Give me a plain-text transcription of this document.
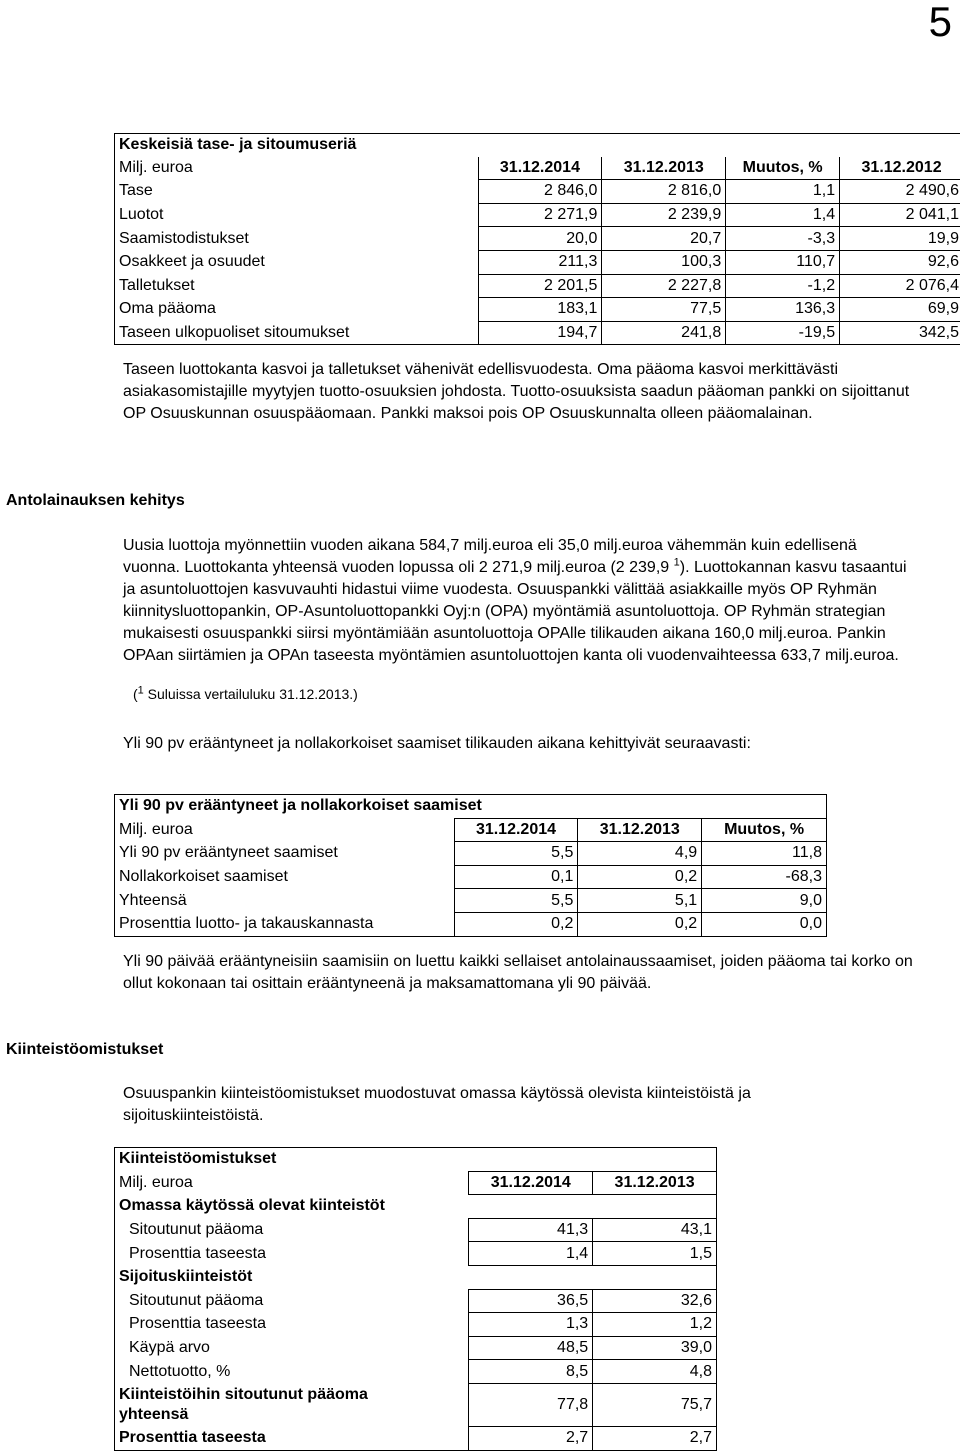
5
Keskeisiä tase- ja sitoumuseriä				
Milj. euroa	31.12.2014	31.12.2013	Muutos, %	31.12.2012
Tase	2 846,0	2 816,0	1,1	2 490,6
Luotot	2 271,9	2 239,9	1,4	2 041,1
Saamistodistukset	20,0	20,7	-3,3	19,9
Osakkeet ja osuudet	211,3	100,3	110,7	92,6
Talletukset	2 201,5	2 227,8	-1,2	2 076,4
Oma pääoma	183,1	77,5	136,3	69,9
Taseen ulkopuoliset sitoumukset	194,7	241,8	-19,5	342,5
Taseen luottokanta kasvoi ja talletukset vähenivät edellisvuodesta. Oma pääoma kasvoi merkittävästi asiakasomistajille myytyjen tuotto-osuuksien johdosta. Tuotto-osuuksista saadun pääoman pankki on sijoittanut OP Osuuskunnan osuuspääomaan. Pankki maksoi pois OP Osuuskunnalta olleen pääomalainan.
Antolainauksen kehitys
Uusia luottoja myönnettiin vuoden aikana 584,7 milj.euroa eli 35,0 milj.euroa vähemmän kuin edellisenä vuonna. Luottokanta yhteensä vuoden lopussa oli 2 271,9 milj.euroa (2 239,9 $^1$). Luottokannan kasvu tasaantui ja asuntoluottojen kasvuvauhti hidastui viime vuodesta. Osuuspankki välittää asiakkaille myös OP Ryhmän kiinnitysluottopankin, OP-Asuntoluottopankki Oyj:n (OPA) myöntämiä asuntoluottoja. OP Ryhmän strategian mukaisesti osuuspankki siirsi myöntämiään asuntoluottoja OPAlle tilikauden aikana 160,0 milj.euroa. Pankin OPAan siirtämien ja OPAn taseesta myöntämien asuntoluottojen kanta oli vuodenvaihteessa 633,7 milj.euroa.
($^1$ Suluissa vertailuluku 31.12.2013.)
Yli 90 pv erääntyneet ja nollakorkoiset saamiset tilikauden aikana kehittyivät seuraavasti:
Yli 90 pv erääntyneet ja nollakorkoiset saamiset			
Milj. euroa	31.12.2014	31.12.2013	Muutos, %
Yli 90 pv erääntyneet saamiset	5,5	4,9	11,8
Nollakorkoiset saamiset	0,1	0,2	-68,3
Yhteensä	5,5	5,1	9,0
Prosenttia luotto- ja takauskannasta	0,2	0,2	0,0
Yli 90 päivää erääntyneisiin saamisiin on luettu kaikki sellaiset antolainaussaamiset, joiden pääoma tai korko on ollut kokonaan tai osittain erääntyneenä ja maksamattomana yli 90 päivää.
Kiinteistöomistukset
Osuuspankin kiinteistöomistukset muodostuvat omassa käytössä olevista kiinteistöistä ja sijoituskiinteistöistä.
Kiinteistöomistukset		
Milj. euroa	31.12.2014	31.12.2013
Omassa käytössä olevat kiinteistöt		
Sitoutunut pääoma	41,3	43,1
Prosenttia taseesta	1,4	1,5
Sijoituskiinteistöt		
Sitoutunut pääoma	36,5	32,6
Prosenttia taseesta	1,3	1,2
Käypä arvo	48,5	39,0
Nettotuotto, %	8,5	4,8
Kiinteistöihin sitoutunut pääoma
yhteensä	77,8	75,7
Prosenttia taseesta	2,7	2,7
